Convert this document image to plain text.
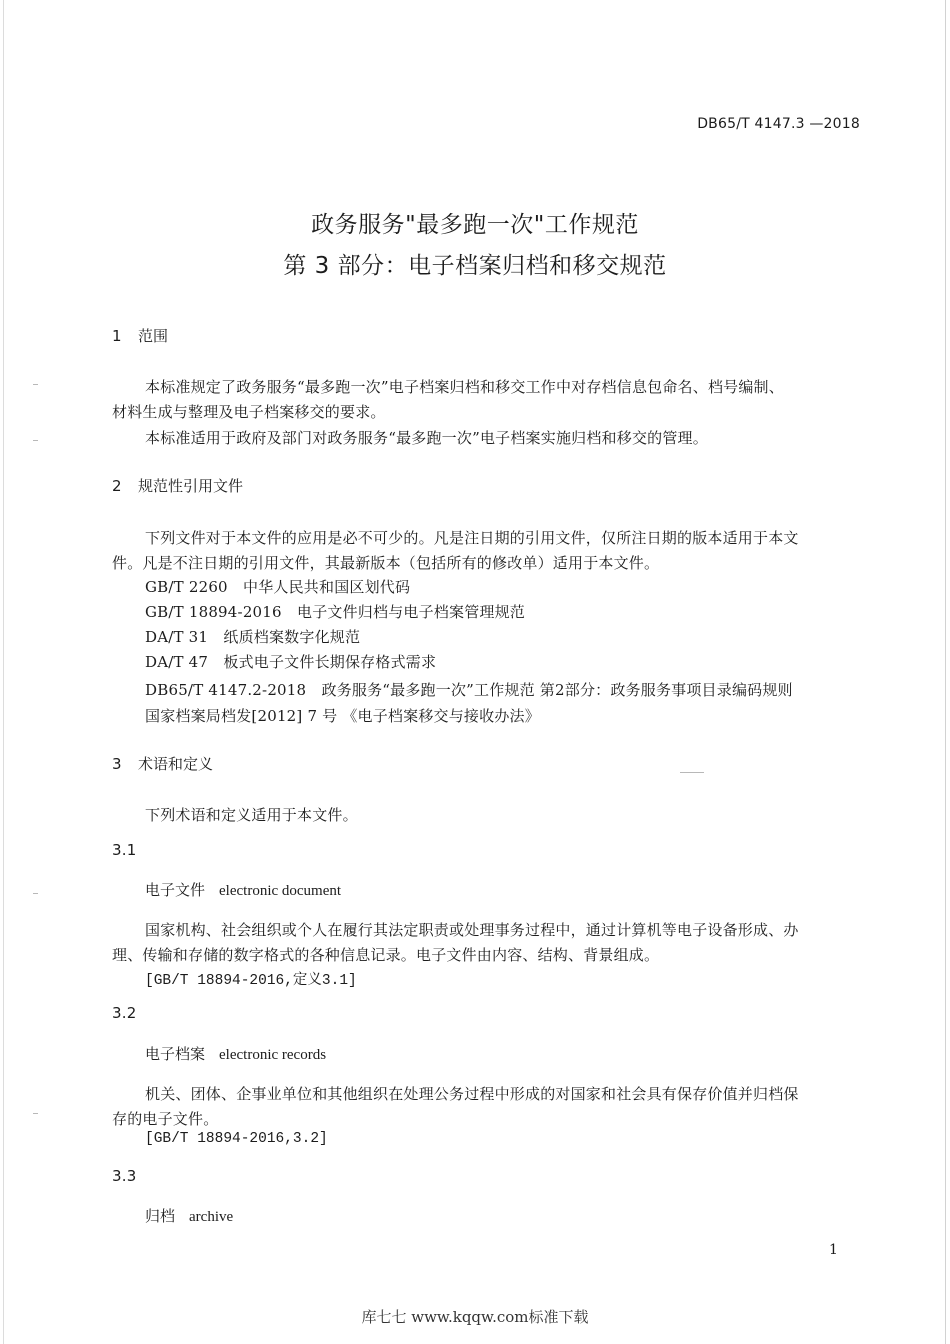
DB65/T 4147.3 —2018
政务服务"最多跑一次"工作规范
第 3 部分：电子档案归档和移交规范
1 范围
本标准规定了政务服务“最多跑一次”电子档案归档和移交工作中对存档信息包命名、档号编制、
材料生成与整理及电子档案移交的要求。
本标准适用于政府及部门对政务服务“最多跑一次”电子档案实施归档和移交的管理。
2 规范性引用文件
下列文件对于本文件的应用是必不可少的。凡是注日期的引用文件，仅所注日期的版本适用于本文
件。凡是不注日期的引用文件，其最新版本（包括所有的修改单）适用于本文件。
GB/T 2260　中华人民共和国区划代码
GB/T 18894-2016　电子文件归档与电子档案管理规范
DA/T 31　纸质档案数字化规范
DA/T 47　板式电子文件长期保存格式需求
DB65/T 4147.2-2018　政务服务“最多跑一次”工作规范 第2部分：政务服务事项目录编码规则
国家档案局档发[2012] 7 号 《电子档案移交与接收办法》
3 术语和定义
下列术语和定义适用于本文件。
3.1
电子文件 electronic document
国家机构、社会组织或个人在履行其法定职责或处理事务过程中，通过计算机等电子设备形成、办
理、传输和存储的数字格式的各种信息记录。电子文件由内容、结构、背景组成。
[GB/T 18894-2016,定义3.1]
3.2
电子档案 electronic records
机关、团体、企事业单位和其他组织在处理公务过程中形成的对国家和社会具有保存价值并归档保
存的电子文件。
[GB/T 18894-2016,3.2]
3.3
归档 archive
1
库七七 www.kqqw.com标准下载
